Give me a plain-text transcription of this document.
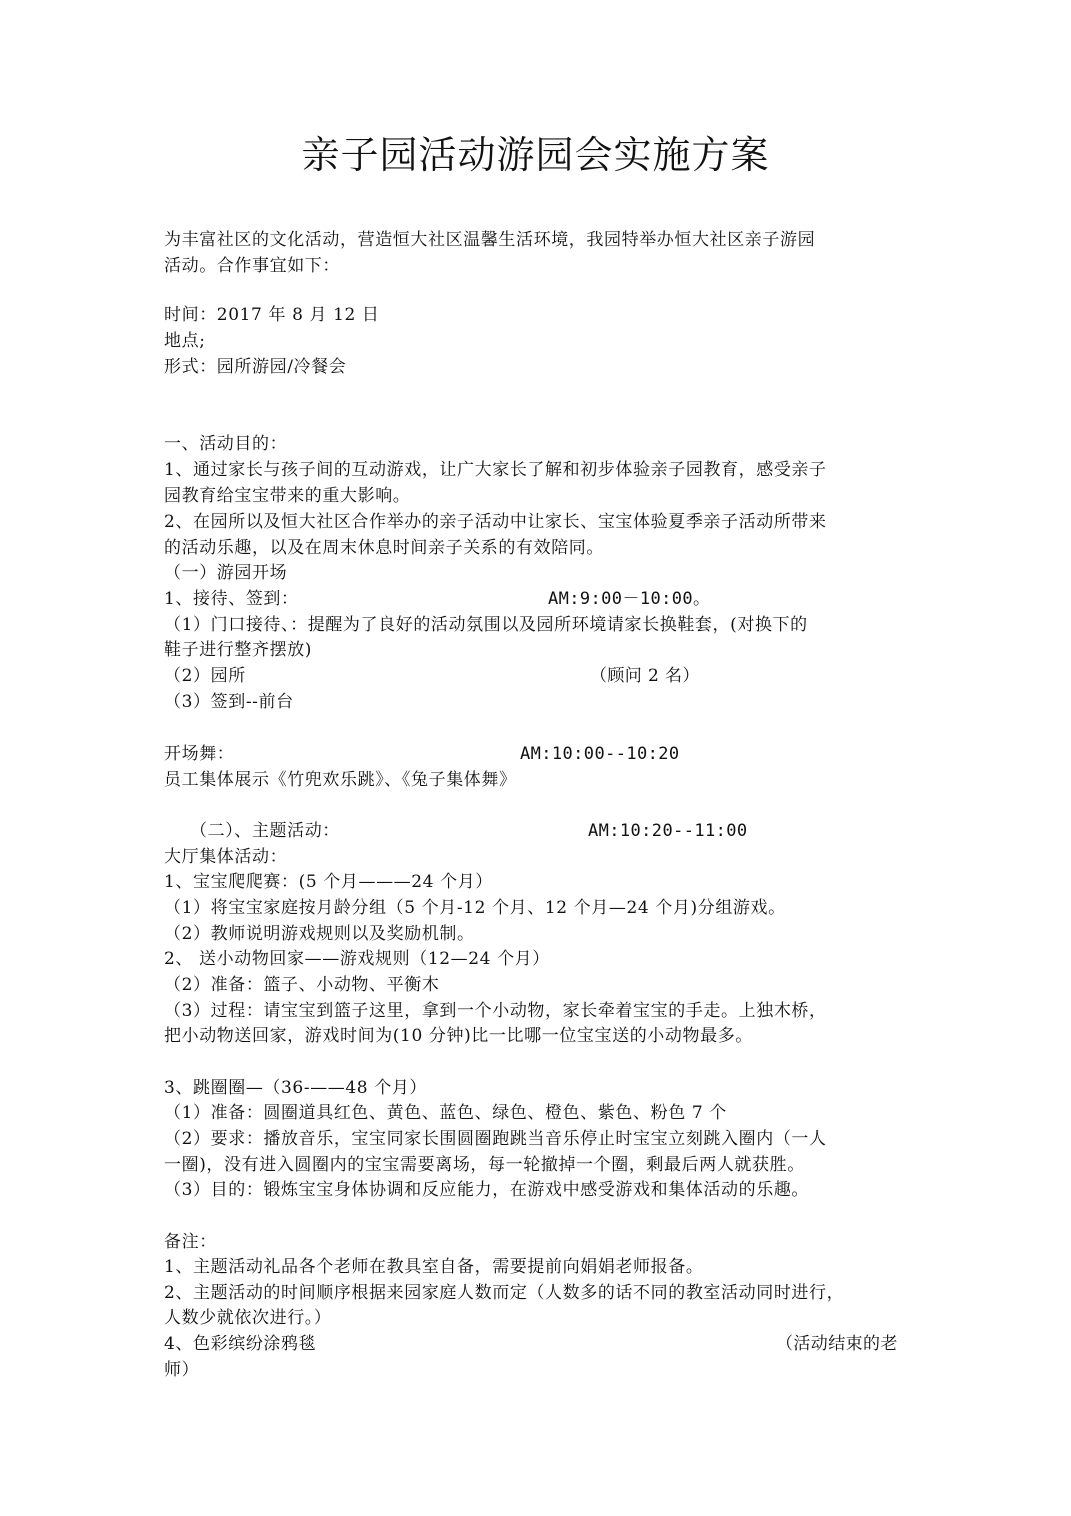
亲子园活动游园会实施方案
为丰富社区的文化活动，营造恒大社区温馨生活环境，我园特举办恒大社区亲子游园
活动。合作事宜如下：
时间：2017 年 8 月 12 日
地点;
形式：园所游园/冷餐会
一、活动目的：
1、通过家长与孩子间的互动游戏，让广大家长了解和初步体验亲子园教育，感受亲子
园教育给宝宝带来的重大影响。
2、在园所以及恒大社区合作举办的亲子活动中让家长、宝宝体验夏季亲子活动所带来
的活动乐趣，以及在周末休息时间亲子关系的有效陪同。
（一）游园开场
1、接待、签到：	AM:9:00－10:00。
（1）门口接待、：提醒为了良好的活动氛围以及园所环境请家长换鞋套，(对换下的
鞋子进行整齐摆放)
（2）园所	（顾问 2 名）
（3）签到--前台
开场舞：	AM:10:00--10:20
员工集体展示《竹兜欢乐跳》、《兔子集体舞》
（二）、主题活动：	AM:10:20--11:00
大厅集体活动：
1、宝宝爬爬赛：(5 个月———24 个月）
（1）将宝宝家庭按月龄分组（5 个月-12 个月、12 个月—24 个月)分组游戏。
（2）教师说明游戏规则以及奖励机制。
2、 送小动物回家——游戏规则（12—24 个月）
（2）准备：篮子、小动物、平衡木
（3）过程：请宝宝到篮子这里，拿到一个小动物，家长牵着宝宝的手走。上独木桥，
把小动物送回家，游戏时间为(10 分钟)比一比哪一位宝宝送的小动物最多。
3、跳圈圈—（36-——48 个月）
（1）准备：圆圈道具红色、黄色、蓝色、绿色、橙色、紫色、粉色 7 个
（2）要求：播放音乐，宝宝同家长围圆圈跑跳当音乐停止时宝宝立刻跳入圈内（一人
一圈)，没有进入圆圈内的宝宝需要离场，每一轮撤掉一个圈，剩最后两人就获胜。
（3）目的：锻炼宝宝身体协调和反应能力，在游戏中感受游戏和集体活动的乐趣。
备注：
1、主题活动礼品各个老师在教具室自备，需要提前向娟娟老师报备。
2、主题活动的时间顺序根据来园家庭人数而定（人数多的话不同的教室活动同时进行，
人数少就依次进行。）
4、色彩缤纷涂鸦毯	（活动结束的老
师）
